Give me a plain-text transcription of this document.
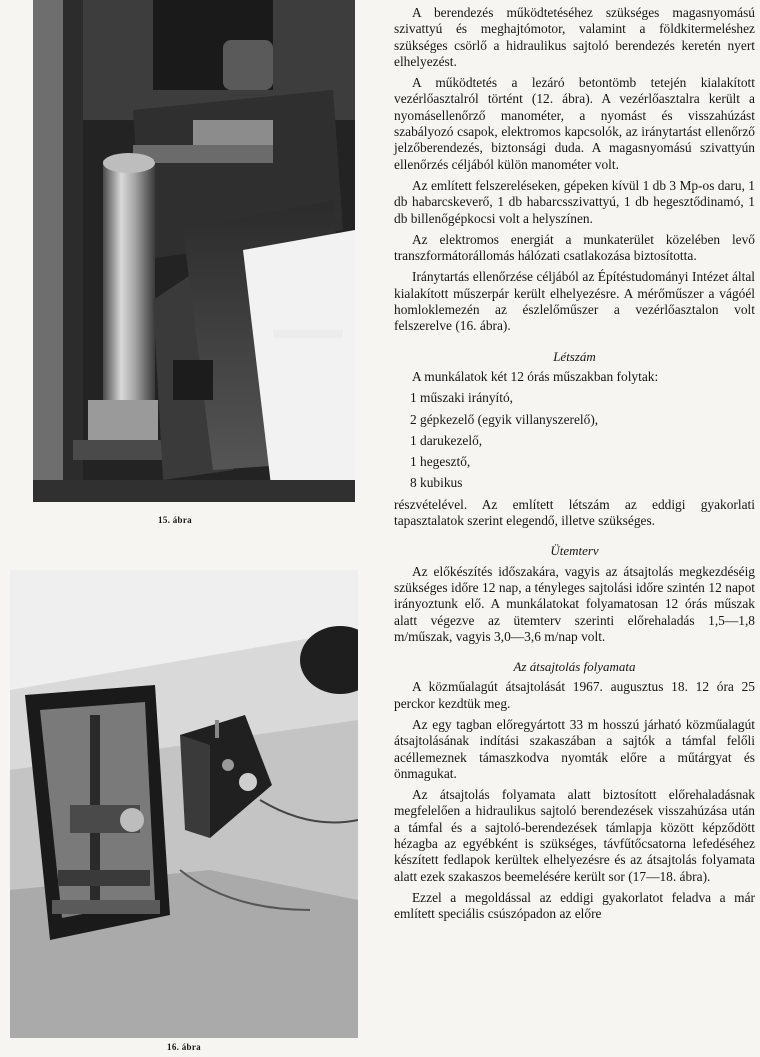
15. ábra
16. ábra

A berendezés működtetéséhez szükséges magasnyomású szivattyú és meghajtómotor, valamint a földkitermeléshez szükséges csörlő a hidraulikus sajtoló berendezés keretén nyert elhelyezést.

A működtetés a lezáró betontömb tetején kialakított vezérlőasztalról történt (12. ábra). A vezérlőasztalra került a nyomásellenőrző manométer, a nyomást és visszahúzást szabályozó csapok, elektromos kapcsolók, az iránytartást ellenőrző jelzőberendezés, biztonsági duda. A magasnyomású szivattyún ellenőrzés céljából külön manométer volt.

Az említett felszereléseken, gépeken kívül 1 db 3 Mp-os daru, 1 db habarcskeverő, 1 db habarcsszivattyú, 1 db hegesztődinamó, 1 db billenőgépkocsi volt a helyszínen.

Az elektromos energiát a munkaterület közelében levő transzformátorállomás hálózati csatlakozása biztosította.

Iránytartás ellenőrzése céljából az Építéstudományi Intézet által kialakított műszerpár került elhelyezésre. A mérőműszer a vágóél homloklemezén az észlelőműszer a vezérlőasztalon volt felszerelve (16. ábra).

Létszám

A munkálatok két 12 órás műszakban folytak:

1 műszaki irányító,
2 gépkezelő (egyik villanyszerelő),
1 darukezelő,
1 hegesztő,
8 kubikus

részvételével. Az említett létszám az eddigi gyakorlati tapasztalatok szerint elegendő, illetve szükséges.

Ütemterv

Az előkészítés időszakára, vagyis az átsajtolás megkezdéséig szükséges időre 12 nap, a tényleges sajtolási időre szintén 12 napot irányoztunk elő. A munkálatokat folyamatosan 12 órás műszak alatt végezve az ütemterv szerinti előrehaladás 1,5—1,8 m/műszak, vagyis 3,0—3,6 m/nap volt.

Az átsajtolás folyamata

A közműalagút átsajtolását 1967. augusztus 18. 12 óra 25 perckor kezdtük meg.

Az egy tagban előregyártott 33 m hosszú járható közműalagút átsajtolásának indítási szakaszában a sajtók a támfal felőli acéllemeznek támaszkodva nyomták előre a műtárgyat és önmagukat.

Az átsajtolás folyamata alatt biztosított előrehaladásnak megfelelően a hidraulikus sajtoló berendezések visszahúzása után a támfal és a sajtoló-berendezések támlapja között képződött hézagba az egyébként is szükséges, távfűtőcsatorna lefedéséhez készített fedlapok kerültek elhelyezésre és az átsajtolás folyamata alatt ezek szakaszos beemelésére került sor (17—18. ábra).

Ezzel a megoldással az eddigi gyakorlatot feladva a már említett speciális csúszópadon az előre
